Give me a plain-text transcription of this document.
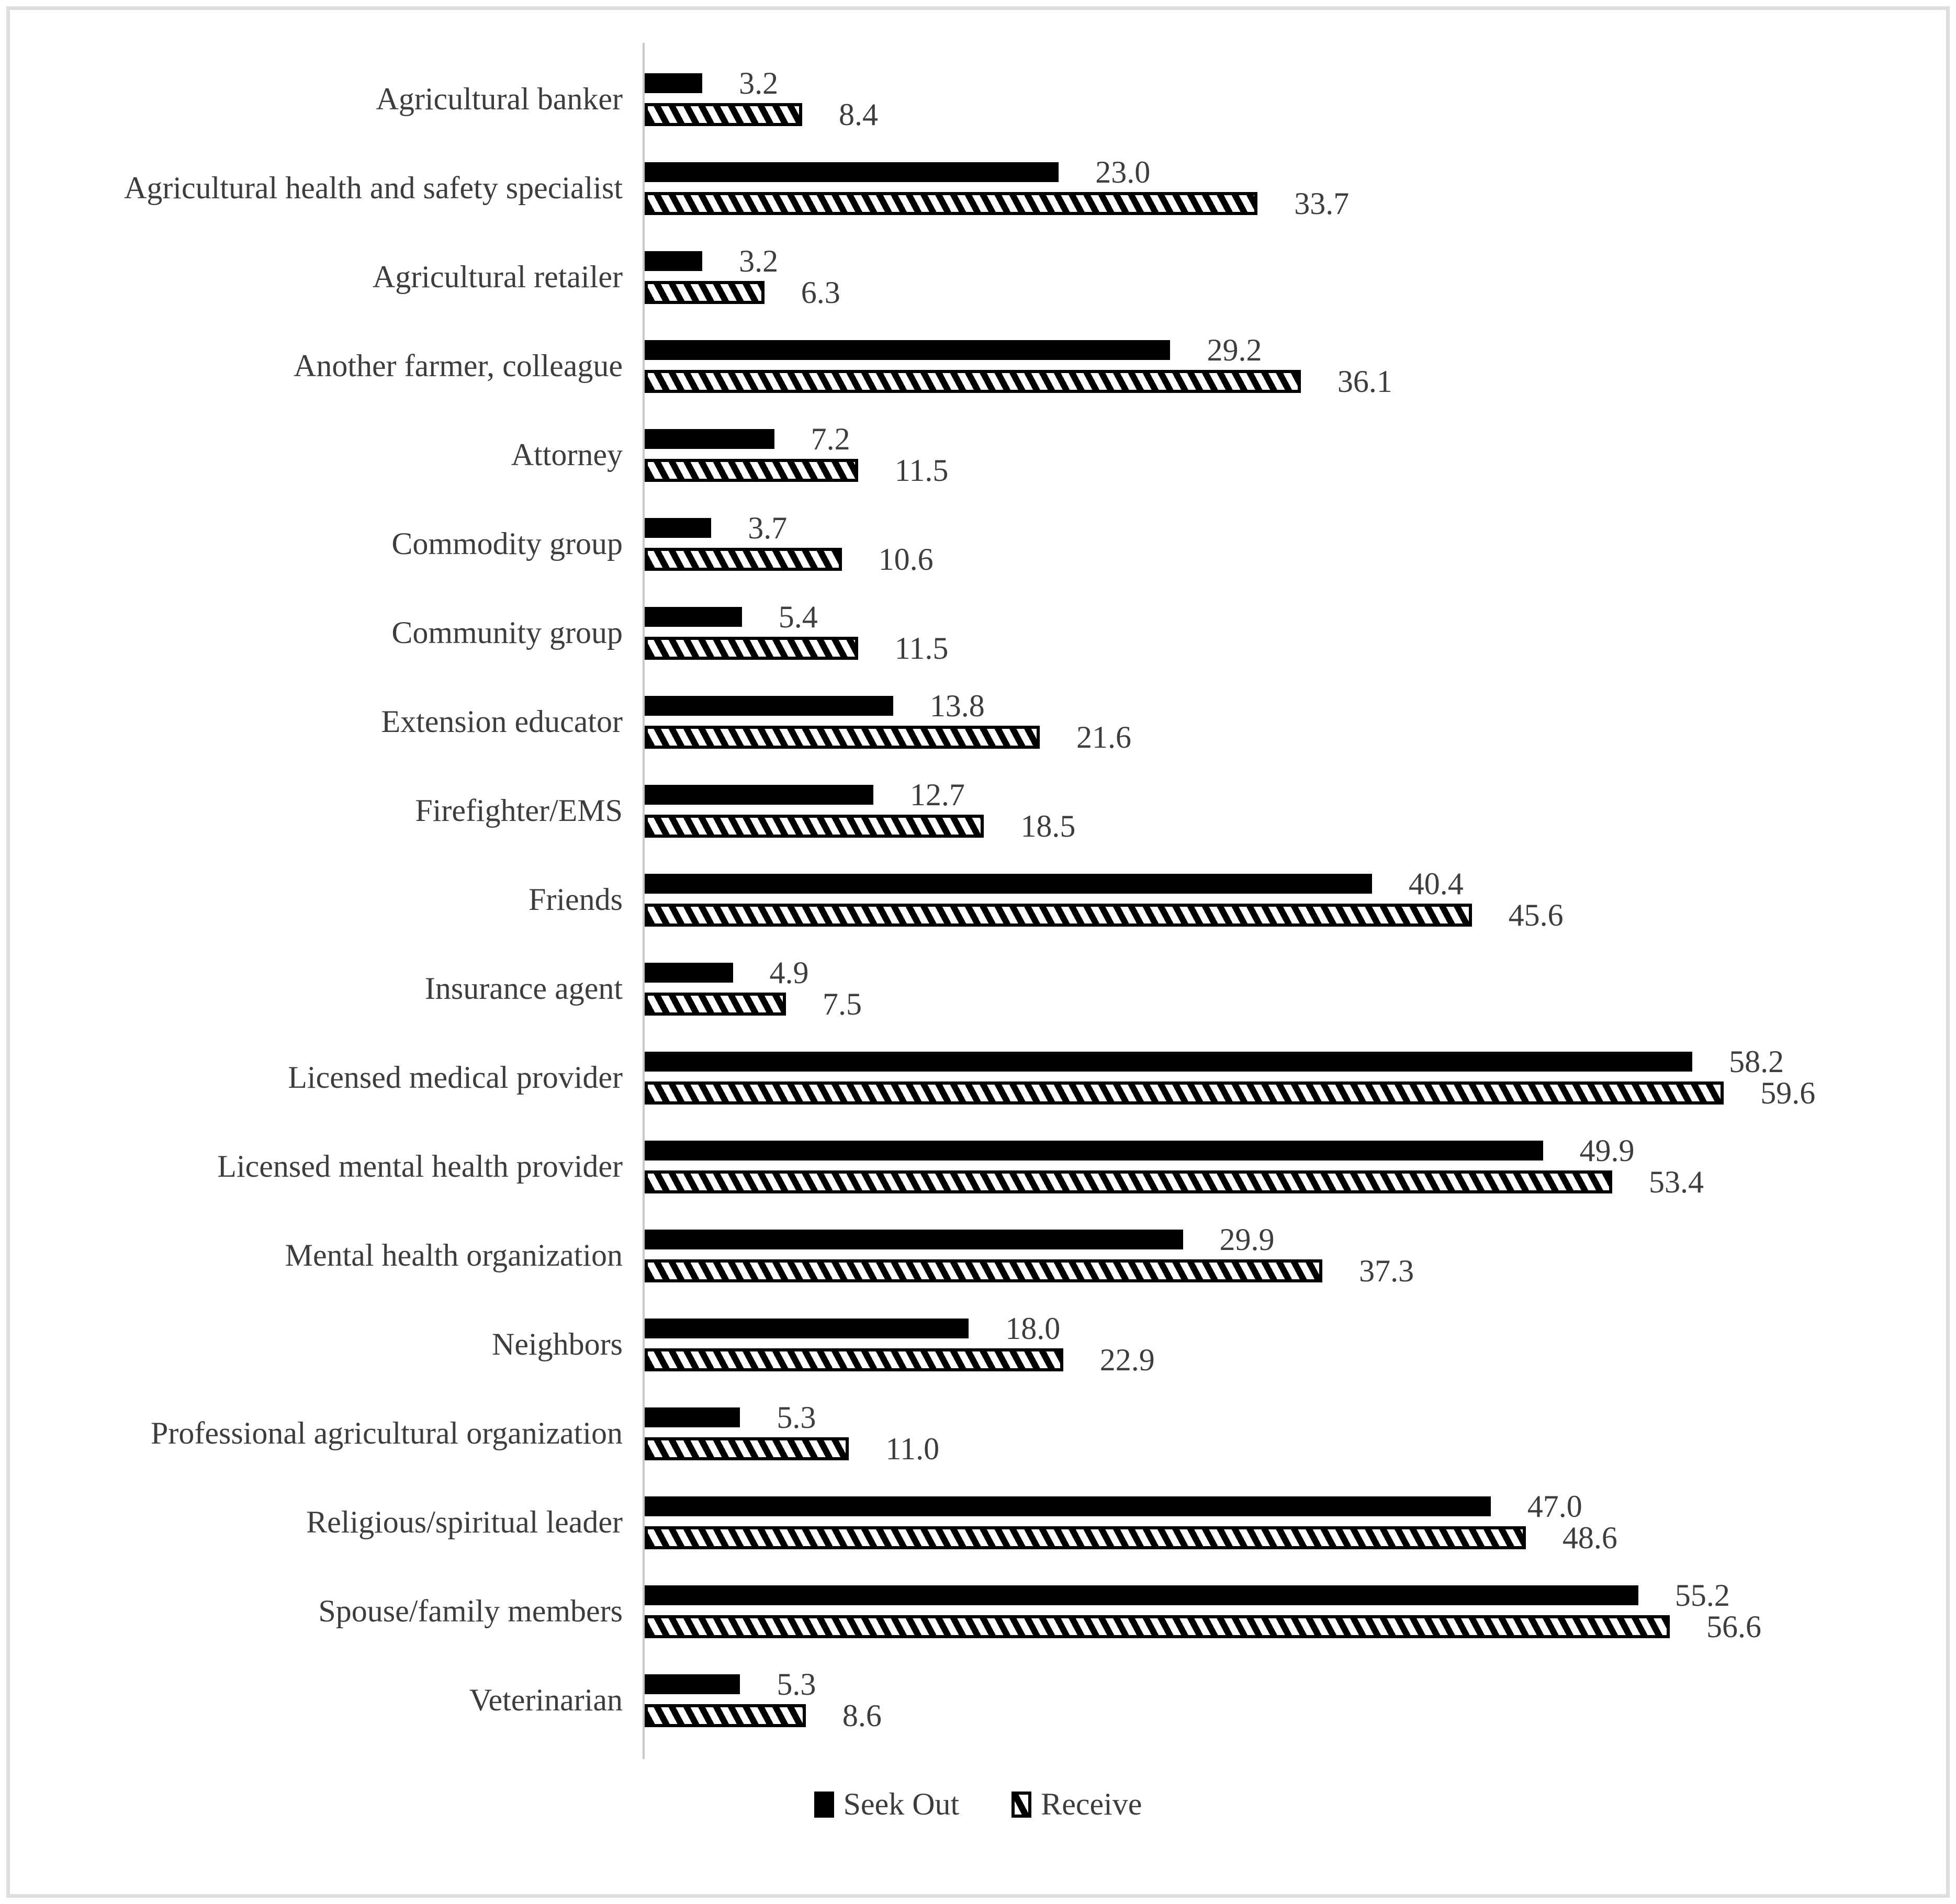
Agricultural banker	3.2
8.4
Agricultural health and safety specialist	23.0
33.7
Agricultural retailer	3.2
6.3
Another farmer, colleague	29.2
36.1
Attorney	7.2
11.5
Commodity group	3.7
10.6
Community group	5.4
11.5
Extension educator	13.8
21.6
Firefighter/EMS	12.7
18.5
Friends	40.4
45.6
Insurance agent	4.9
7.5
Licensed medical provider	58.2
59.6
Licensed mental health provider	49.9
53.4
Mental health organization	29.9
37.3
Neighbors	18.0
22.9
Professional agricultural organization	5.3
11.0
Religious/spiritual leader	47.0
48.6
Spouse/family members	55.2
56.6
Veterinarian	5.3
8.6
Seek Out	Receive
